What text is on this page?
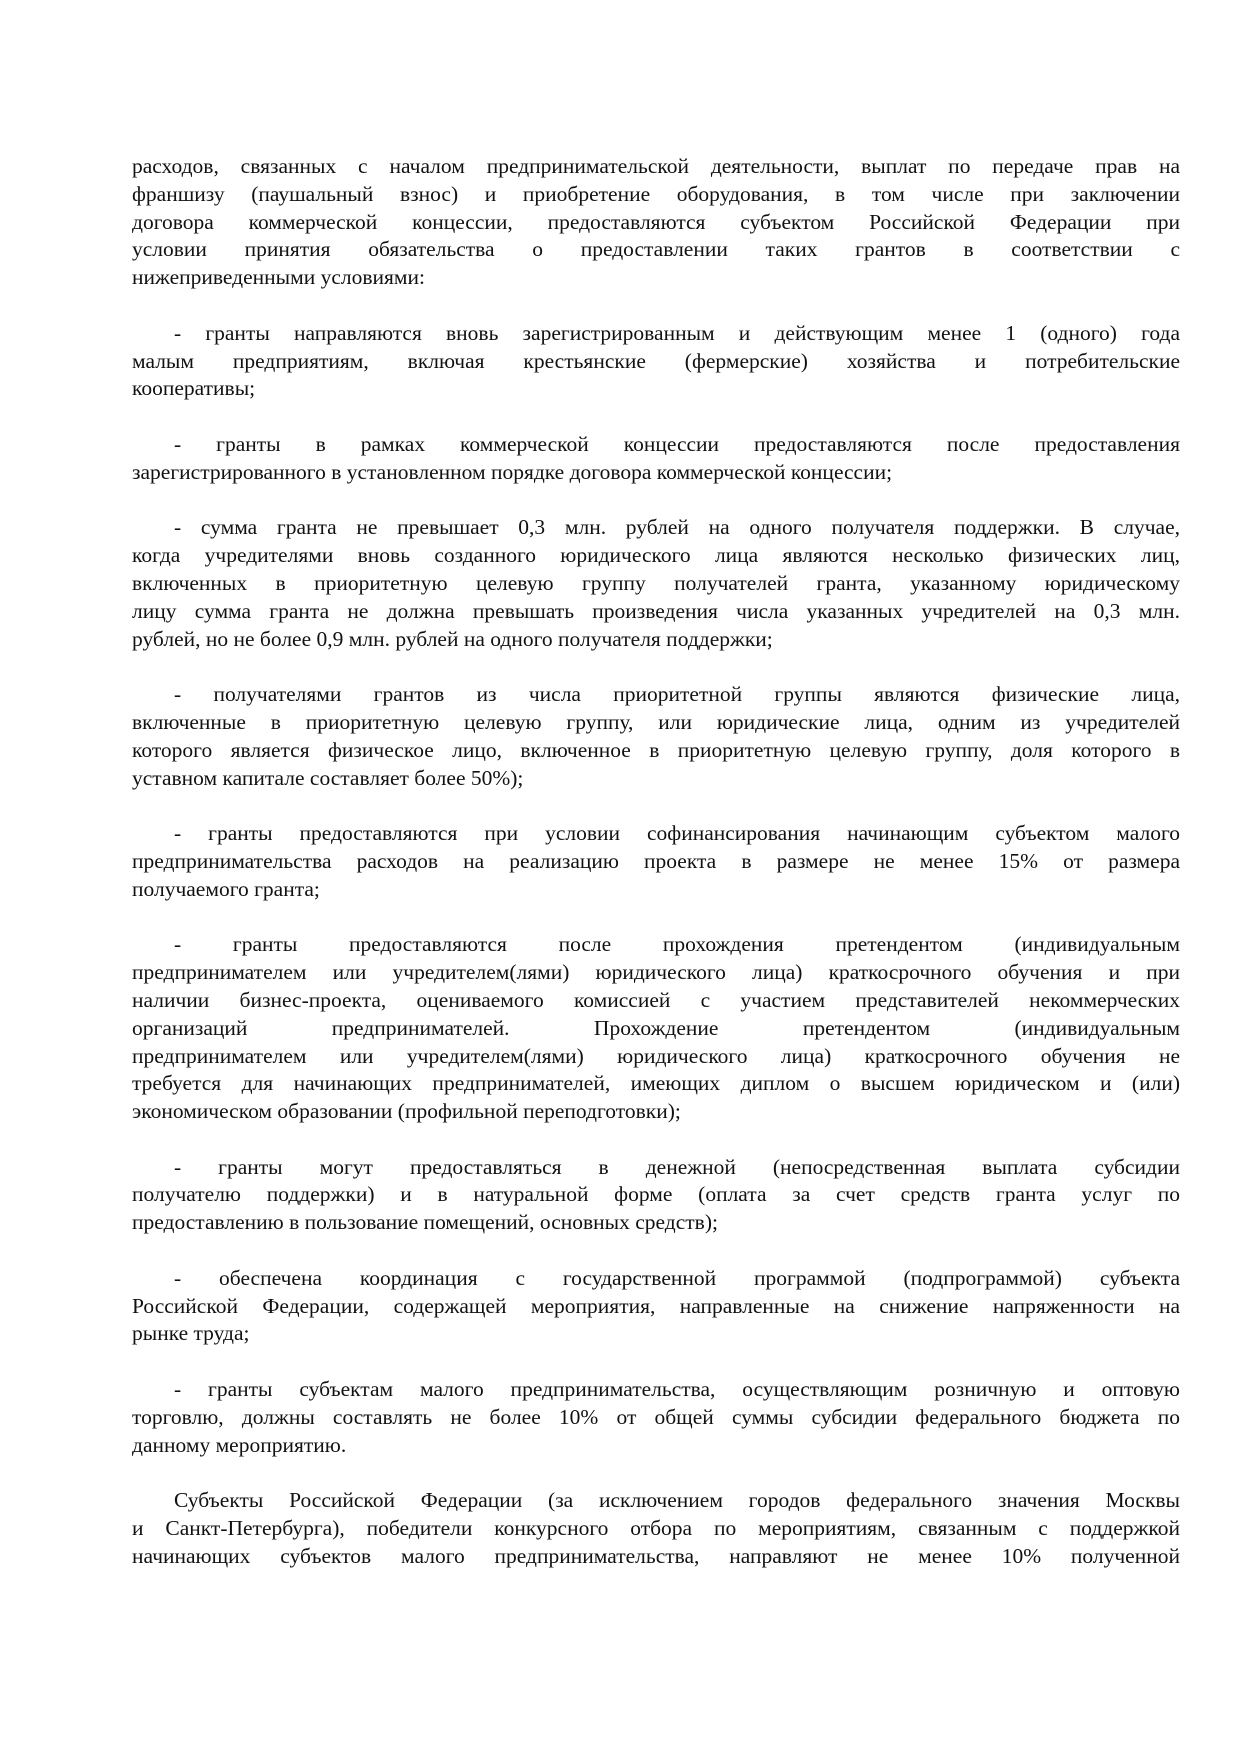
расходов, связанных с началом предпринимательской деятельности, выплат по передаче прав на
франшизу (паушальный взнос) и приобретение оборудования, в том числе при заключении
договора коммерческой концессии, предоставляются субъектом Российской Федерации при
условии принятия обязательства о предоставлении таких грантов в соответствии с
нижеприведенными условиями:
- гранты направляются вновь зарегистрированным и действующим менее 1 (одного) года
малым предприятиям, включая крестьянские (фермерские) хозяйства и потребительские
кооперативы;
- гранты в рамках коммерческой концессии предоставляются после предоставления
зарегистрированного в установленном порядке договора коммерческой концессии;
- сумма гранта не превышает 0,3 млн. рублей на одного получателя поддержки. В случае,
когда учредителями вновь созданного юридического лица являются несколько физических лиц,
включенных в приоритетную целевую группу получателей гранта, указанному юридическому
лицу сумма гранта не должна превышать произведения числа указанных учредителей на 0,3 млн.
рублей, но не более 0,9 млн. рублей на одного получателя поддержки;
- получателями грантов из числа приоритетной группы являются физические лица,
включенные в приоритетную целевую группу, или юридические лица, одним из учредителей
которого является физическое лицо, включенное в приоритетную целевую группу, доля которого в
уставном капитале составляет более 50%);
- гранты предоставляются при условии софинансирования начинающим субъектом малого
предпринимательства расходов на реализацию проекта в размере не менее 15% от размера
получаемого гранта;
- гранты предоставляются после прохождения претендентом (индивидуальным
предпринимателем или учредителем(лями) юридического лица) краткосрочного обучения и при
наличии бизнес-проекта, оцениваемого комиссией с участием представителей некоммерческих
организаций предпринимателей. Прохождение претендентом (индивидуальным
предпринимателем или учредителем(лями) юридического лица) краткосрочного обучения не
требуется для начинающих предпринимателей, имеющих диплом о высшем юридическом и (или)
экономическом образовании (профильной переподготовки);
- гранты могут предоставляться в денежной (непосредственная выплата субсидии
получателю поддержки) и в натуральной форме (оплата за счет средств гранта услуг по
предоставлению в пользование помещений, основных средств);
- обеспечена координация с государственной программой (подпрограммой) субъекта
Российской Федерации, содержащей мероприятия, направленные на снижение напряженности на
рынке труда;
- гранты субъектам малого предпринимательства, осуществляющим розничную и оптовую
торговлю, должны составлять не более 10% от общей суммы субсидии федерального бюджета по
данному мероприятию.
Субъекты Российской Федерации (за исключением городов федерального значения Москвы
и Санкт-Петербурга), победители конкурсного отбора по мероприятиям, связанным с поддержкой
начинающих субъектов малого предпринимательства, направляют не менее 10% полученной
